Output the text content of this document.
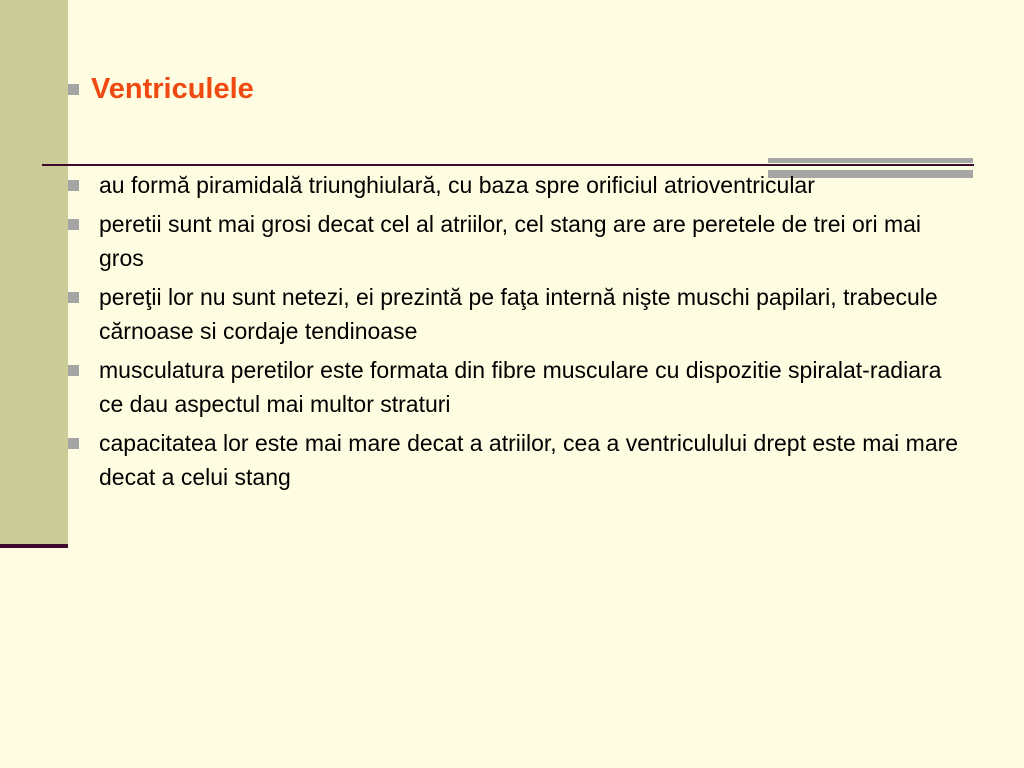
Ventriculele
au formă piramidală triunghiulară, cu baza spre orificiul atrioventricular
peretii sunt mai grosi decat cel al atriilor, cel stang are are peretele de trei ori mai gros
pereţii lor nu sunt netezi, ei prezintă pe faţa internă nişte muschi papilari, trabecule cărnoase si cordaje tendinoase
musculatura peretilor este formata din fibre musculare cu dispozitie spiralat-radiara ce dau aspectul mai multor straturi
capacitatea lor este mai mare decat a atriilor, cea a ventriculului drept este mai mare decat a celui stang
